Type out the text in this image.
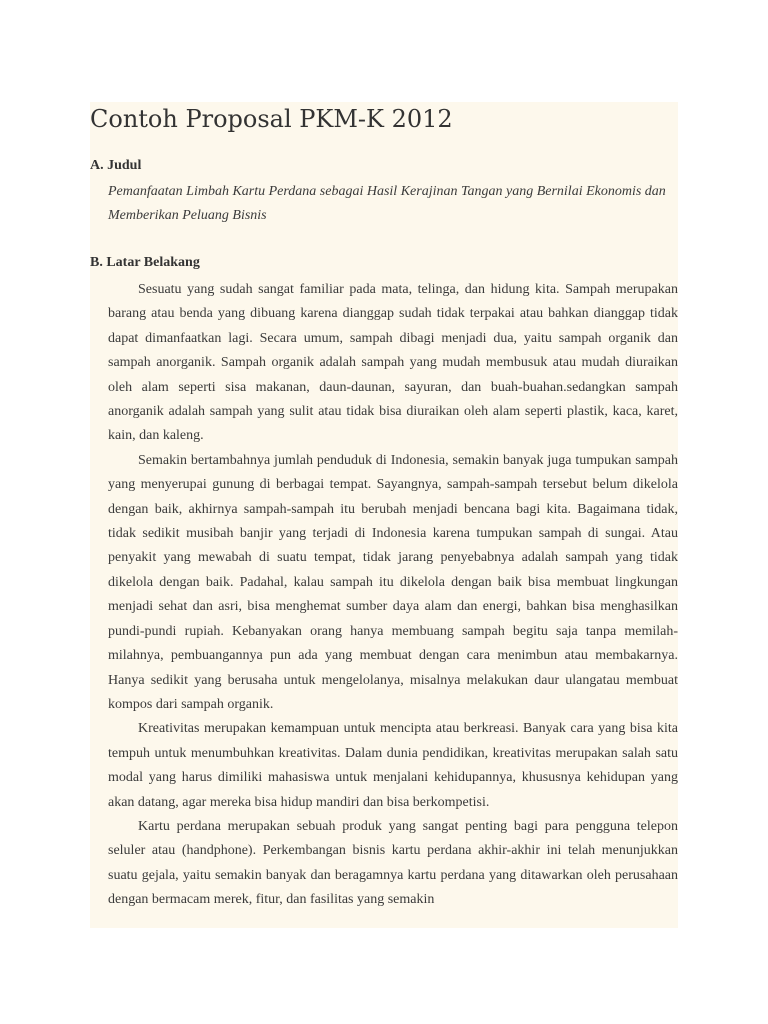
Contoh Proposal PKM-K 2012
A. Judul

Pemanfaatan Limbah Kartu Perdana sebagai Hasil Kerajinan Tangan yang Bernilai Ekonomis dan Memberikan Peluang Bisnis

B. Latar Belakang

Sesuatu yang sudah sangat familiar pada mata, telinga, dan hidung kita. Sampah merupakan barang atau benda yang dibuang karena dianggap sudah tidak terpakai atau bahkan dianggap tidak dapat dimanfaatkan lagi. Secara umum, sampah dibagi menjadi dua, yaitu sampah organik dan sampah anorganik. Sampah organik adalah sampah yang mudah membusuk atau mudah diuraikan oleh alam seperti sisa makanan, daun-daunan, sayuran, dan buah-buahan.sedangkan sampah anorganik adalah sampah yang sulit atau tidak bisa diuraikan oleh alam seperti plastik, kaca, karet, kain, dan kaleng.

Semakin bertambahnya jumlah penduduk di Indonesia, semakin banyak juga tumpukan sampah yang menyerupai gunung di berbagai tempat. Sayangnya, sampah-sampah tersebut belum dikelola dengan baik, akhirnya sampah-sampah itu berubah menjadi bencana bagi kita. Bagaimana tidak, tidak sedikit musibah banjir yang terjadi di Indonesia karena tumpukan sampah di sungai. Atau penyakit yang mewabah di suatu tempat, tidak jarang penyebabnya adalah sampah yang tidak dikelola dengan baik. Padahal, kalau sampah itu dikelola dengan baik bisa membuat lingkungan menjadi sehat dan asri, bisa menghemat sumber daya alam dan energi, bahkan bisa menghasilkan pundi-pundi rupiah. Kebanyakan orang hanya membuang sampah begitu saja tanpa memilah-milahnya, pembuangannya pun ada yang membuat dengan cara menimbun atau membakarnya. Hanya sedikit yang berusaha untuk mengelolanya, misalnya melakukan daur ulangatau membuat kompos dari sampah organik.

Kreativitas merupakan kemampuan untuk mencipta atau berkreasi. Banyak cara yang bisa kita tempuh untuk menumbuhkan kreativitas. Dalam dunia pendidikan, kreativitas merupakan salah satu modal yang harus dimiliki mahasiswa untuk menjalani kehidupannya, khususnya kehidupan yang akan datang, agar mereka bisa hidup mandiri dan bisa berkompetisi.

Kartu perdana merupakan sebuah produk yang sangat penting bagi para pengguna telepon seluler atau (handphone). Perkembangan bisnis kartu perdana akhir-akhir ini telah menunjukkan suatu gejala, yaitu semakin banyak dan beragamnya kartu perdana yang ditawarkan oleh perusahaan dengan bermacam merek, fitur, dan fasilitas yang semakin
